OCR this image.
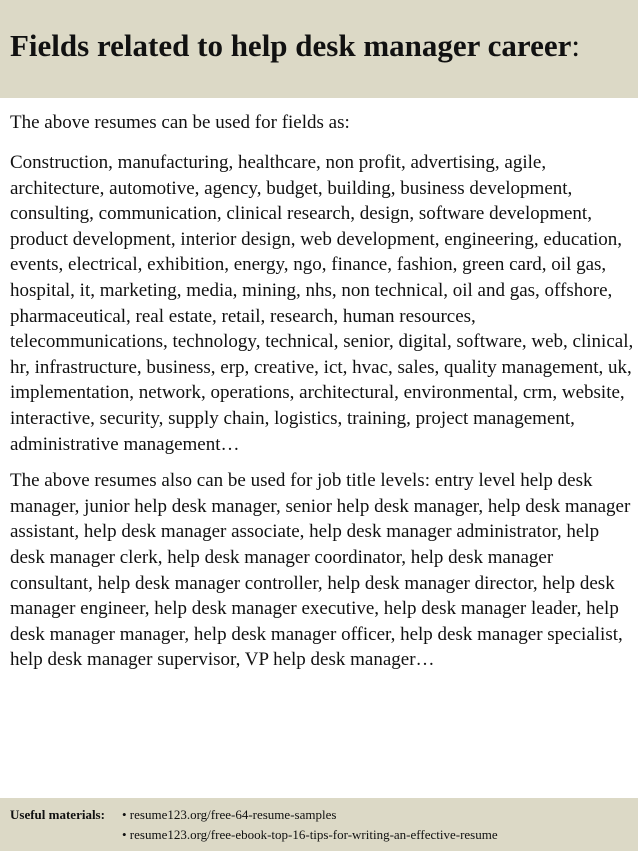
Fields related to help desk manager career:

The above resumes can be used for fields as:

Construction, manufacturing, healthcare, non profit, advertising, agile, architecture, automotive, agency, budget, building, business development, consulting, communication, clinical research, design, software development, product development, interior design, web development, engineering, education, events, electrical, exhibition, energy, ngo, finance, fashion, green card, oil gas, hospital, it, marketing, media, mining, nhs, non technical, oil and gas, offshore, pharmaceutical, real estate, retail, research, human resources, telecommunications, technology, technical, senior, digital, software, web, clinical, hr, infrastructure, business, erp, creative, ict, hvac, sales, quality management, uk, implementation, network, operations, architectural, environmental, crm, website, interactive, security, supply chain, logistics, training, project management, administrative management…

The above resumes also can be used for job title levels: entry level help desk manager, junior help desk manager, senior help desk manager, help desk manager assistant, help desk manager associate, help desk manager administrator, help desk manager clerk, help desk manager coordinator, help desk manager consultant, help desk manager controller, help desk manager director, help desk manager engineer, help desk manager executive, help desk manager leader, help desk manager manager, help desk manager officer, help desk manager specialist, help desk manager supervisor, VP help desk manager…

Useful materials:	• resume123.org/free-64-resume-samples
• resume123.org/free-ebook-top-16-tips-for-writing-an-effective-resume
